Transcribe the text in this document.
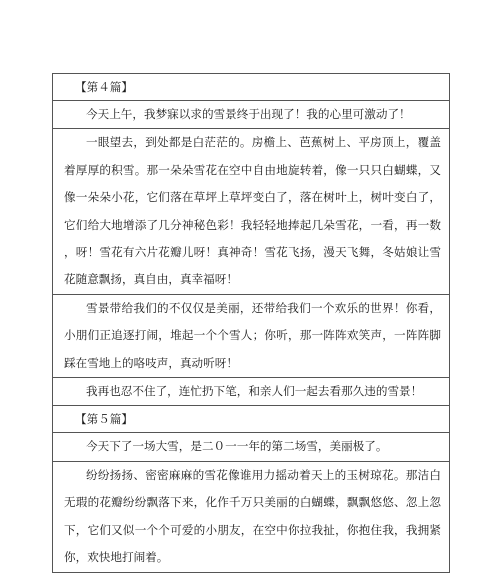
【第４篇】
今天上午，我梦寐以求的雪景终于出现了！我的心里可激动了！
一眼望去，到处都是白茫茫的。房檐上、芭蕉树上、平房顶上，覆盖
着厚厚的积雪。那一朵朵雪花在空中自由地旋转着，像一只只白蝴蝶，又
像一朵朵小花，它们落在草坪上草坪变白了，落在树叶上，树叶变白了，
它们给大地增添了几分神秘色彩！我轻轻地捧起几朵雪花，一看，再一数
，呀！雪花有六片花瓣儿呀！真神奇！雪花飞扬，漫天飞舞，冬姑娘让雪
花随意飘扬，真自由，真幸福呀！
雪景带给我们的不仅仅是美丽，还带给我们一个欢乐的世界！你看，
小朋们正追逐打闹，堆起一个个雪人；你听，那一阵阵欢笑声，一阵阵脚
踩在雪地上的咯吱声，真动听呀！
我再也忍不住了，连忙扔下笔，和亲人们一起去看那久违的雪景！
【第５篇】
今天下了一场大雪，是二０一一年的第二场雪，美丽极了。
纷纷扬扬、密密麻麻的雪花像谁用力摇动着天上的玉树琼花。那洁白
无瑕的花瓣纷纷飘落下来，化作千万只美丽的白蝴蝶，飘飘悠悠、忽上忽
下，它们又似一个个可爱的小朋友，在空中你拉我扯，你抱住我，我拥紧
你，欢快地打闹着。
